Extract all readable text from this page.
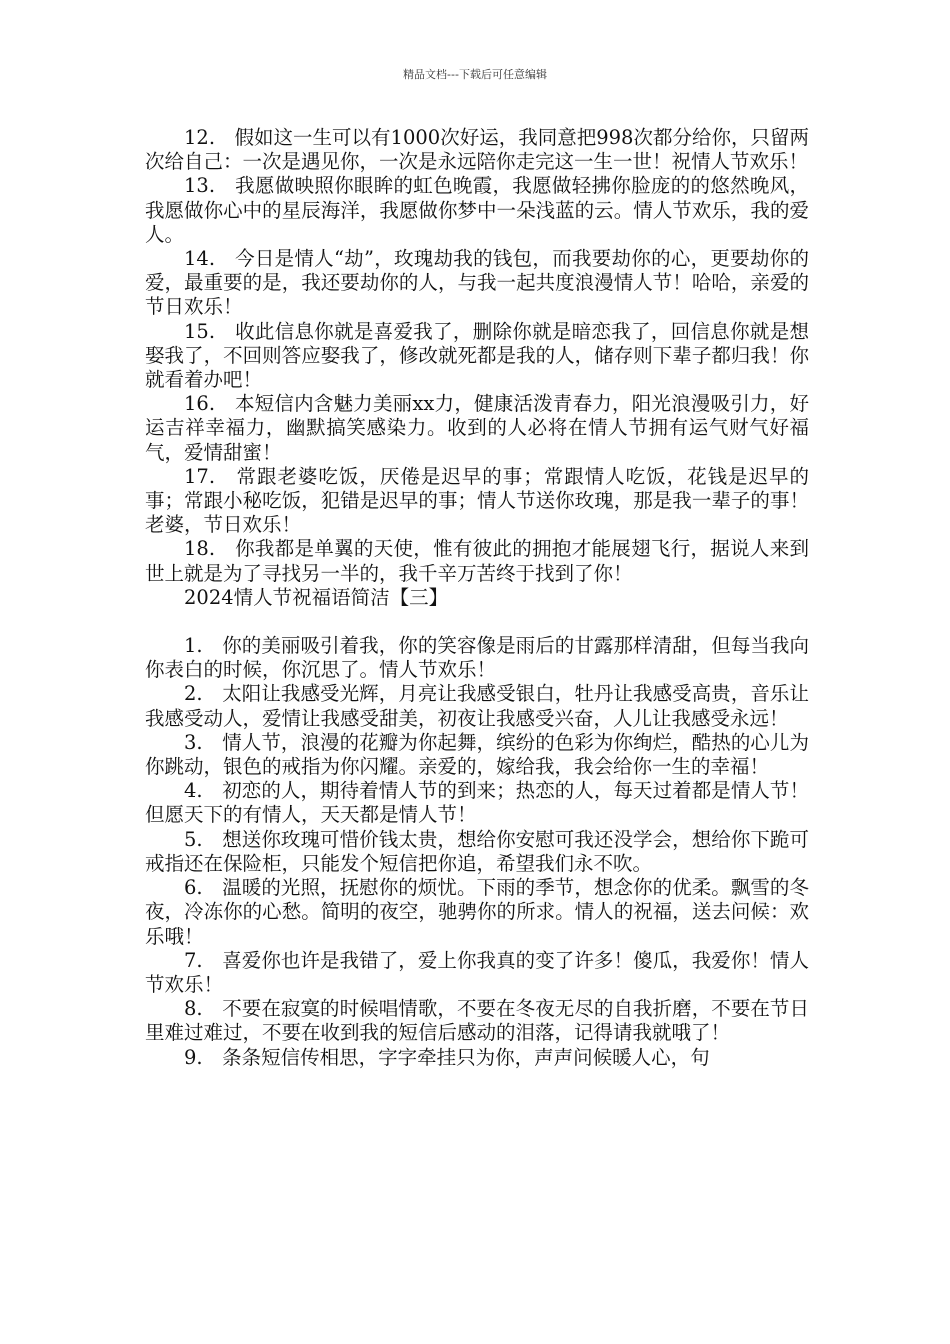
精品文档---下载后可任意编辑

12.　假如这一生可以有1000次好运，我同意把998次都分给你，只留两次给自己：一次是遇见你，一次是永远陪你走完这一生一世！祝情人节欢乐！

13.　我愿做映照你眼眸的虹色晚霞，我愿做轻拂你脸庞的的悠然晚风，我愿做你心中的星辰海洋，我愿做你梦中一朵浅蓝的云。情人节欢乐，我的爱人。

14.　今日是情人“劫”，玫瑰劫我的钱包，而我要劫你的心，更要劫你的爱，最重要的是，我还要劫你的人，与我一起共度浪漫情人节！哈哈，亲爱的节日欢乐！

15.　收此信息你就是喜爱我了，删除你就是暗恋我了，回信息你就是想娶我了，不回则答应娶我了，修改就死都是我的人，储存则下辈子都归我！你就看着办吧！

16.　本短信内含魅力美丽xx力，健康活泼青春力，阳光浪漫吸引力，好运吉祥幸福力，幽默搞笑感染力。收到的人必将在情人节拥有运气财气好福气，爱情甜蜜！

17.　常跟老婆吃饭，厌倦是迟早的事；常跟情人吃饭，花钱是迟早的事；常跟小秘吃饭，犯错是迟早的事；情人节送你玫瑰，那是我一辈子的事！老婆，节日欢乐！

18.　你我都是单翼的天使，惟有彼此的拥抱才能展翅飞行，据说人来到世上就是为了寻找另一半的，我千辛万苦终于找到了你！

2024情人节祝福语简洁【三】

1.　你的美丽吸引着我，你的笑容像是雨后的甘露那样清甜，但每当我向你表白的时候，你沉思了。情人节欢乐！

2.　太阳让我感受光辉，月亮让我感受银白，牡丹让我感受高贵，音乐让我感受动人，爱情让我感受甜美，初夜让我感受兴奋，人儿让我感受永远！

3.　情人节，浪漫的花瓣为你起舞，缤纷的色彩为你绚烂，酷热的心儿为你跳动，银色的戒指为你闪耀。亲爱的，嫁给我，我会给你一生的幸福！

4.　初恋的人，期待着情人节的到来；热恋的人，每天过着都是情人节！但愿天下的有情人，天天都是情人节！

5.　想送你玫瑰可惜价钱太贵，想给你安慰可我还没学会，想给你下跪可戒指还在保险柜，只能发个短信把你追，希望我们永不吹。

6.　温暖的光照，抚慰你的烦忧。下雨的季节，想念你的优柔。飘雪的冬夜，冷冻你的心愁。简明的夜空，驰骋你的所求。情人的祝福，送去问候：欢乐哦！

7.　喜爱你也许是我错了，爱上你我真的变了许多！傻瓜，我爱你！情人节欢乐！

8.　不要在寂寞的时候唱情歌，不要在冬夜无尽的自我折磨，不要在节日里难过难过，不要在收到我的短信后感动的泪落，记得请我就哦了！

9.　条条短信传相思，字字牵挂只为你，声声问候暖人心，句
